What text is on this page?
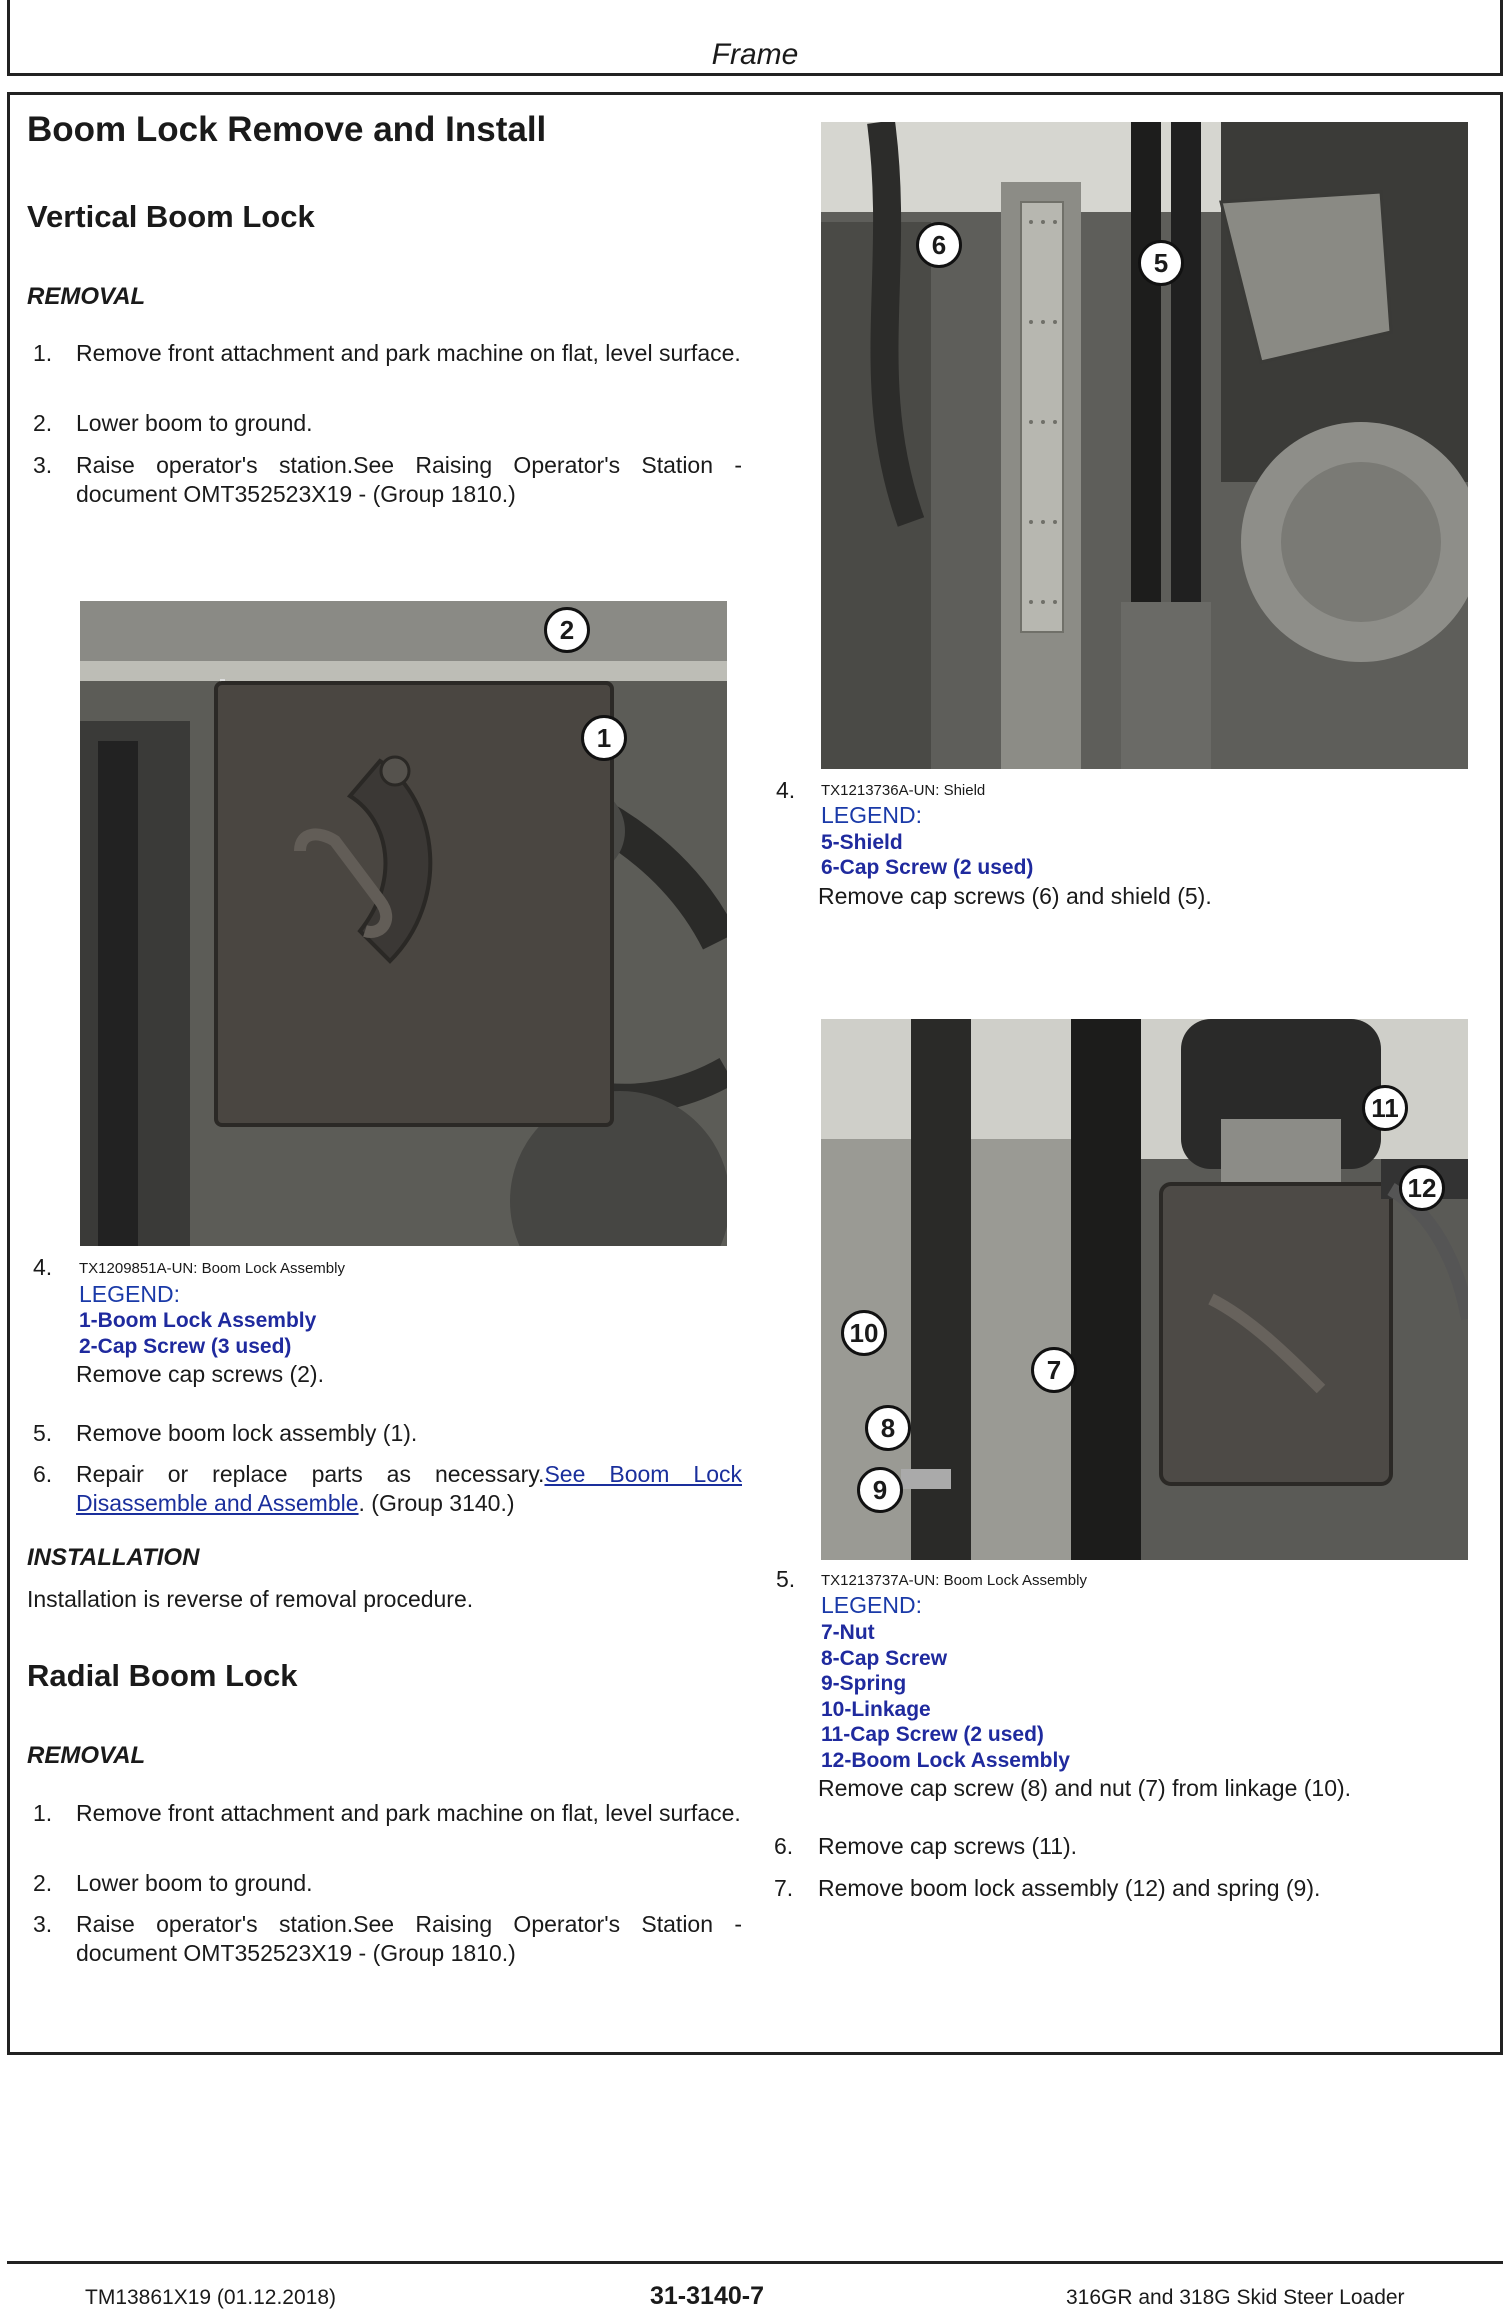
Frame
Boom Lock Remove and Install
Vertical Boom Lock
REMOVAL
1. Remove front attachment and park machine on flat, level surface.
2. Lower boom to ground.
3. Raise operator's station.See Raising Operator's Station - document OMT352523X19 - (Group 1810.)
2
1
4. TX1209851A-UN: Boom Lock Assembly
LEGEND:
1-Boom Lock Assembly
2-Cap Screw (3 used)
Remove cap screws (2).
5. Remove boom lock assembly (1).
6. Repair or replace parts as necessary.See Boom Lock Disassemble and Assemble. (Group 3140.)
INSTALLATION
Installation is reverse of removal procedure.
Radial Boom Lock
REMOVAL
1. Remove front attachment and park machine on flat, level surface.
2. Lower boom to ground.
3. Raise operator's station.See Raising Operator's Station - document OMT352523X19 - (Group 1810.)
6
5
4. TX1213736A-UN: Shield
LEGEND:
5-Shield
6-Cap Screw (2 used)
Remove cap screws (6) and shield (5).
11
12
10
7
8
9
5. TX1213737A-UN: Boom Lock Assembly
LEGEND:
7-Nut
8-Cap Screw
9-Spring
10-Linkage
11-Cap Screw (2 used)
12-Boom Lock Assembly
Remove cap screw (8) and nut (7) from linkage (10).
6. Remove cap screws (11).
7. Remove boom lock assembly (12) and spring (9).
TM13861X19 (01.12.2018)	31-3140-7	316GR and 318G Skid Steer Loader
